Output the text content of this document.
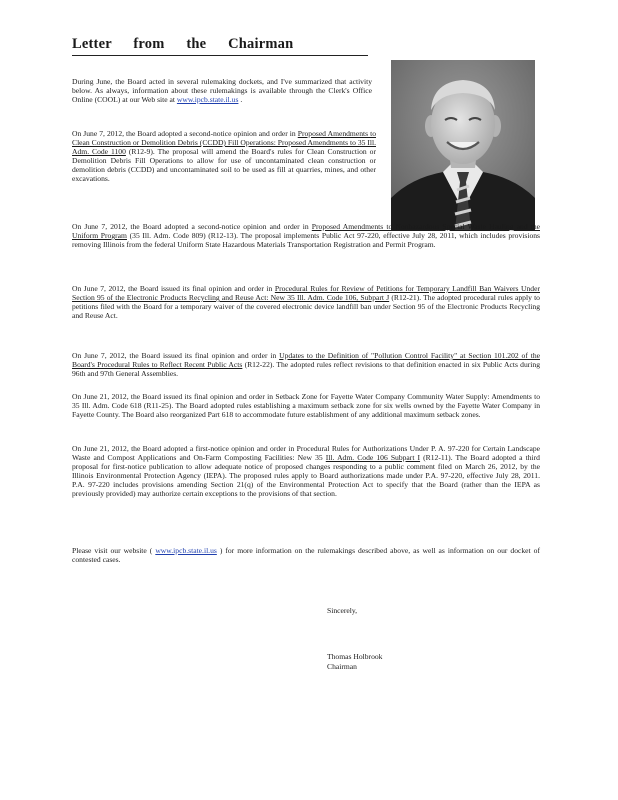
Letter from the Chairman

During June, the Board acted in several rulemaking dockets, and I've summarized that activity below. As always, information about these rulemakings is available through the Clerk's Office Online (COOL) at our Web site at www.ipcb.state.il.us .

On June 7, 2012, the Board adopted a second-notice opinion and order in Proposed Amendments to Clean Construction or Demolition Debris (CCDD) Fill Operations: Proposed Amendments to 35 Ill. Adm. Code 1100 (R12-9). The proposal will amend the Board's rules for Clean Construction or Demolition Debris Fill Operations to allow for use of uncontaminated clean construction or demolition debris (CCDD) and uncontaminated soil to be used as fill at quarries, mines, and other excavations.

On June 7, 2012, the Board adopted a second-notice opinion and order in Proposed Amendments to Nonhazardous Special Waste Hauling and the Uniform Program (35 Ill. Adm. Code 809) (R12-13). The proposal implements Public Act 97-220, effective July 28, 2011, which includes provisions removing Illinois from the federal Uniform State Hazardous Materials Transportation Registration and Permit Program.

On June 7, 2012, the Board issued its final opinion and order in Procedural Rules for Review of Petitions for Temporary Landfill Ban Waivers Under Section 95 of the Electronic Products Recycling and Reuse Act: New 35 Ill. Adm. Code 106, Subpart J (R12-21). The adopted procedural rules apply to petitions filed with the Board for a temporary waiver of the covered electronic device landfill ban under Section 95 of the Electronic Products Recycling and Reuse Act.

On June 7, 2012, the Board issued its final opinion and order in Updates to the Definition of "Pollution Control Facility" at Section 101.202 of the Board's Procedural Rules to Reflect Recent Public Acts (R12-22). The adopted rules reflect revisions to that definition enacted in six Public Acts during 96th and 97th General Assemblies.

On June 21, 2012, the Board issued its final opinion and order in Setback Zone for Fayette Water Company Community Water Supply: Amendments to 35 Ill. Adm. Code 618 (R11-25). The Board adopted rules establishing a maximum setback zone for six wells owned by the Fayette Water Company in Fayette County. The Board also reorganized Part 618 to accommodate future establishment of any additional maximum setback zones.

On June 21, 2012, the Board adopted a first-notice opinion and order in Procedural Rules for Authorizations Under P. A. 97-220 for Certain Landscape Waste and Compost Applications and On-Farm Composting Facilities: New 35 Ill. Adm. Code 106 Subpart I (R12-11). The Board adopted a third proposal for first-notice publication to allow adequate notice of proposed changes responding to a public comment filed on March 26, 2012, by the Illinois Environmental Protection Agency (IEPA). The proposed rules apply to Board authorizations made under P.A. 97-220, effective July 28, 2011. P.A. 97-220 includes provisions amending Section 21(q) of the Environmental Protection Act to specify that the Board (rather than the IEPA as previously provided) may authorize certain exceptions to the provisions of that section.

Please visit our website ( www.ipcb.state.il.us ) for more information on the rulemakings described above, as well as information on our docket of contested cases.

Sincerely,
Thomas Holbrook
Chairman
